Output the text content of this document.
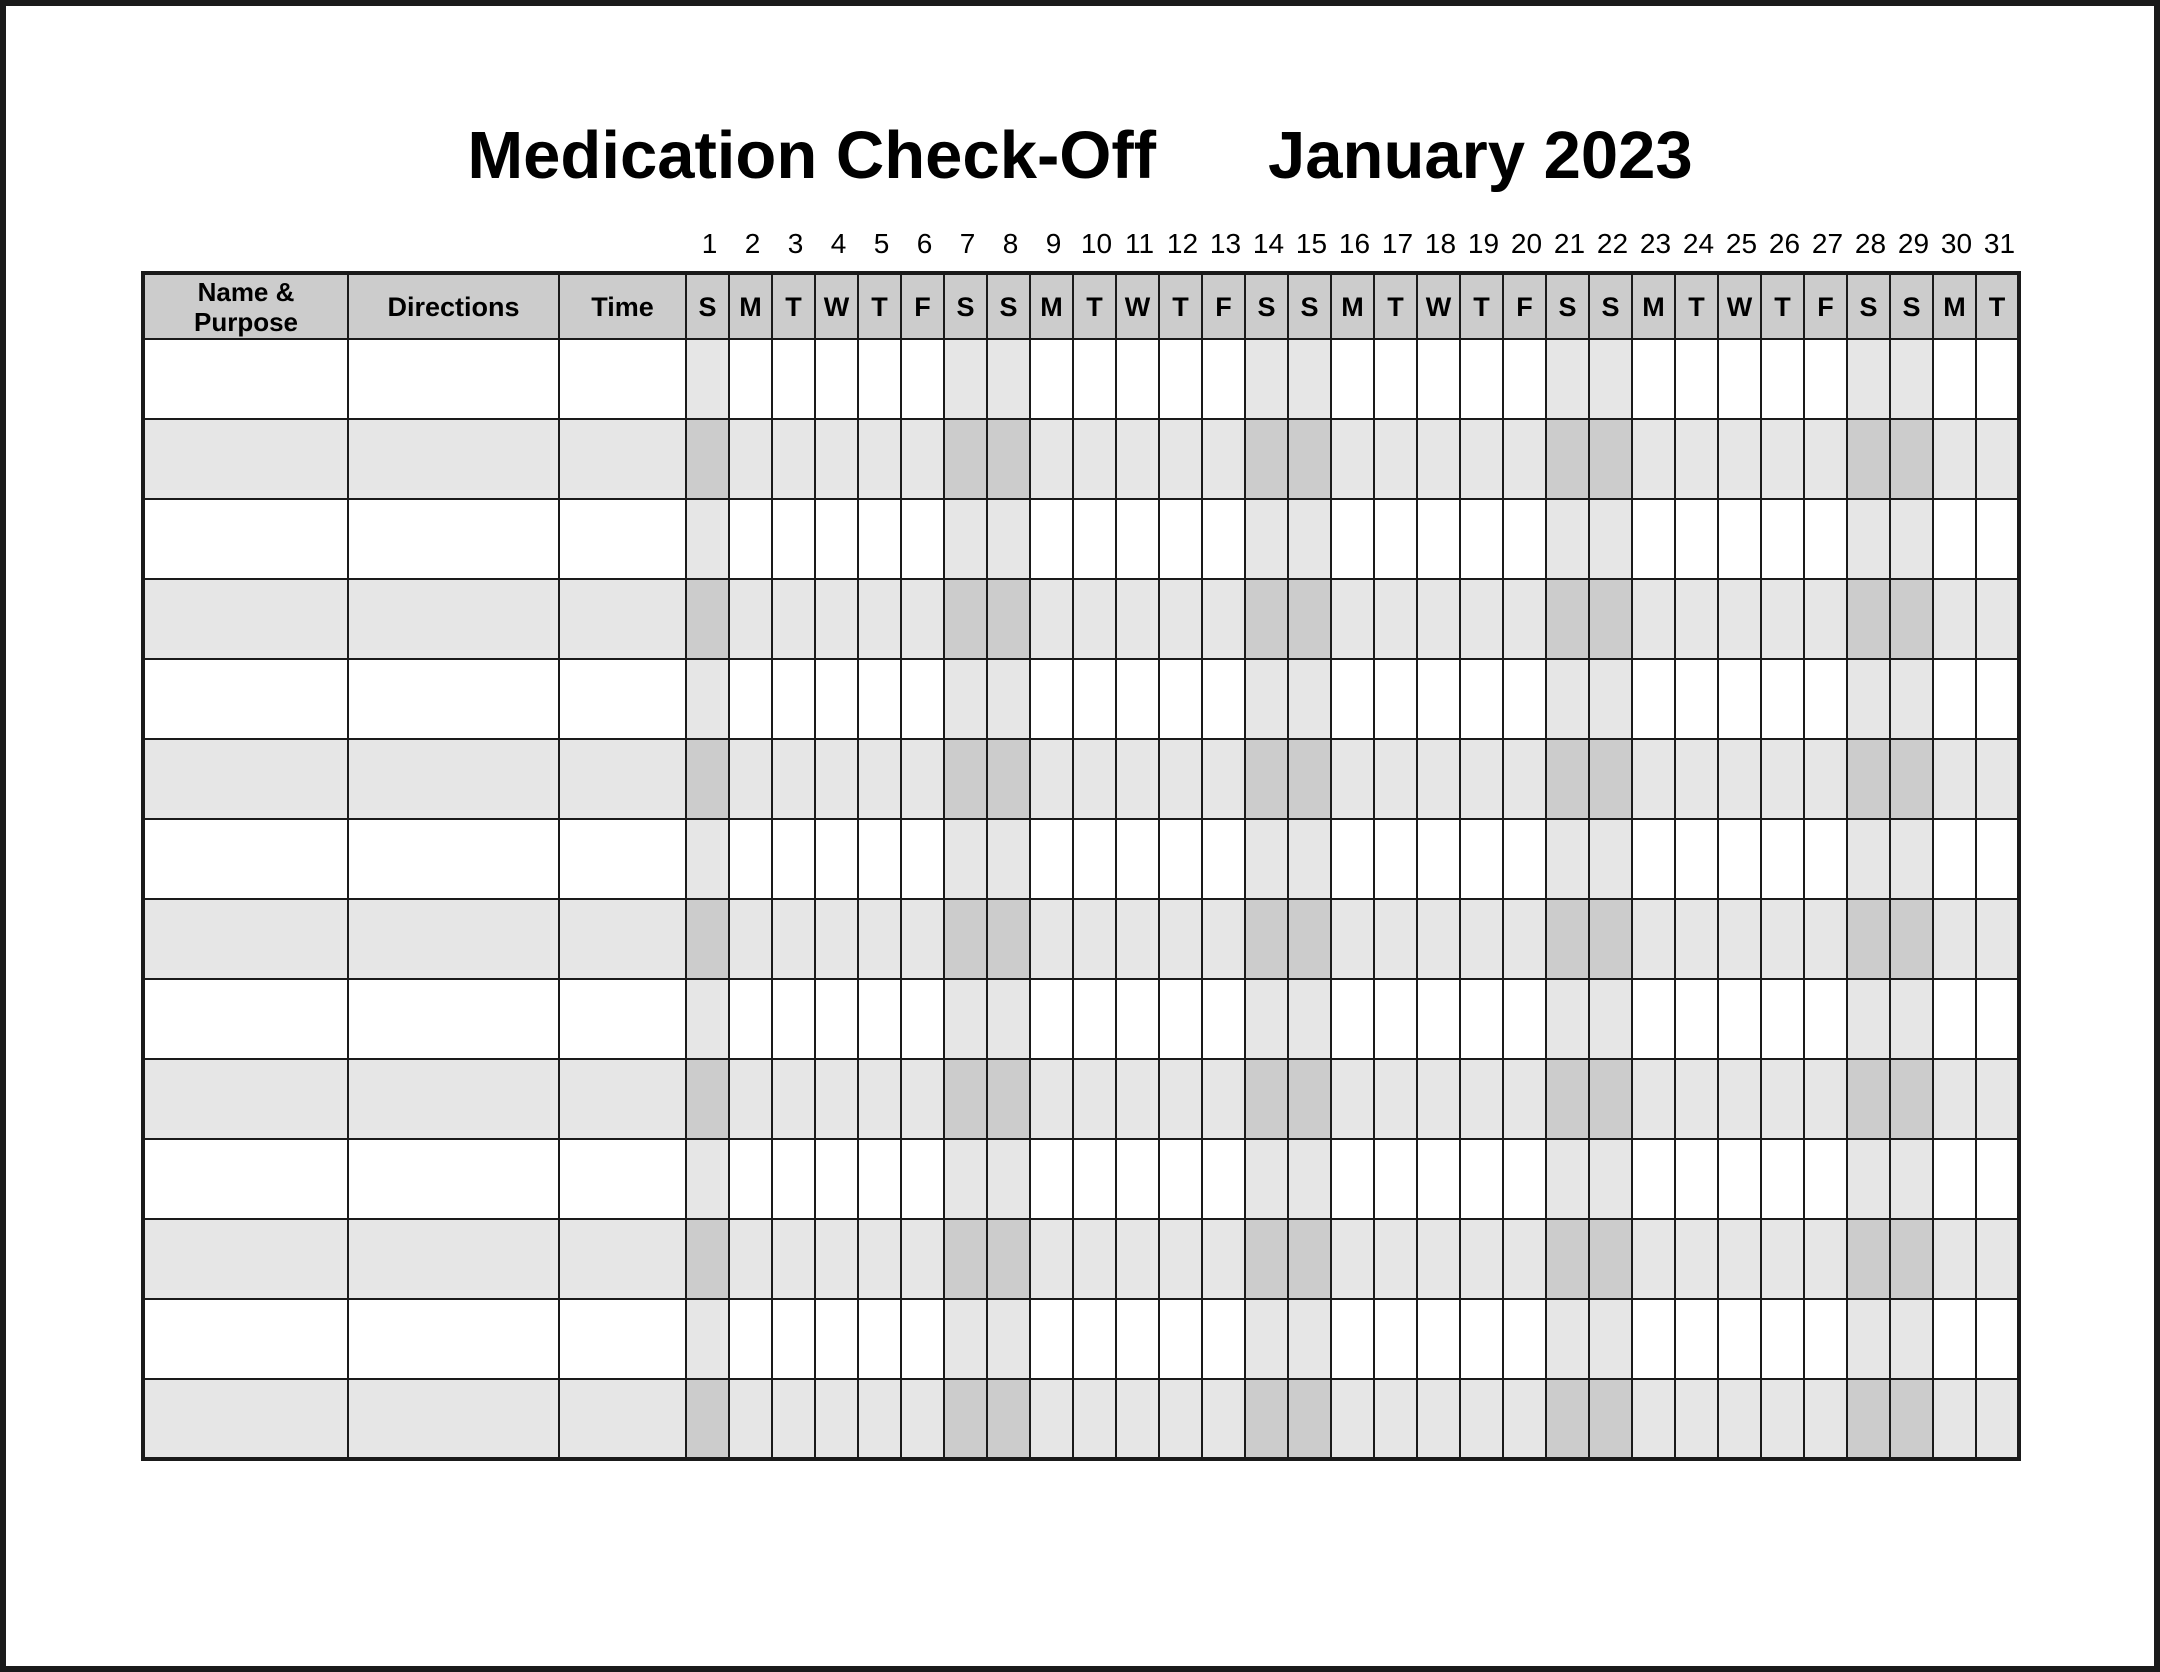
Medication Check-Off January 2023
1 2 3 4 5 6 7 8 9 10 11 12 13 14 15 16 17 18 19 20 21 22 23 24 25 26 27 28 29 30 31
Name & Purpose	Directions	Time	S	M	T	W	T	F	S	S	M	T	W	T	F	S	S	M	T	W	T	F	S	S	M	T	W	T	F	S	S	M	T
